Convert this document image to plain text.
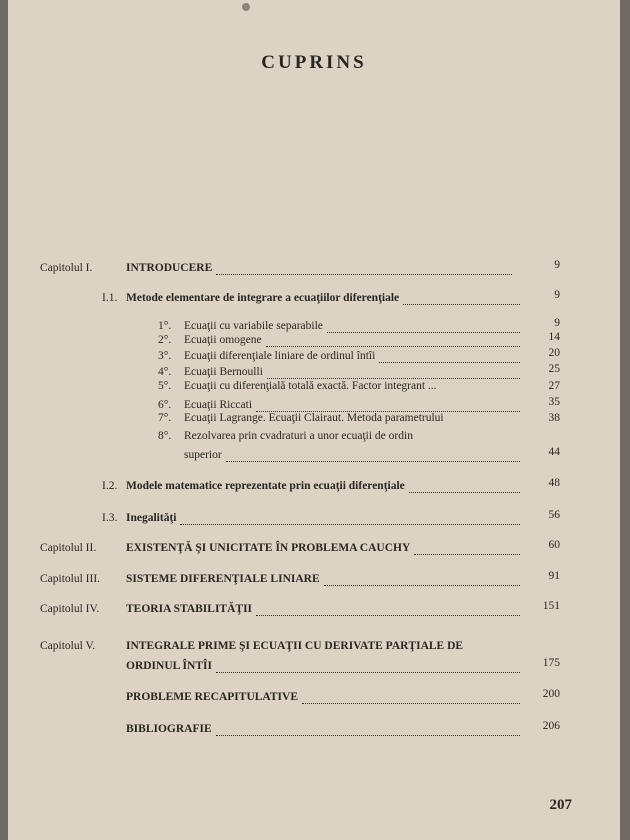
CUPRINS
Capitolul I.	INTRODUCERE	9
I.1. Metode elementare de integrare a ecuaţiilor diferenţiale	9
1°. Ecuaţii cu variabile separabile	9
2°. Ecuaţii omogene	14
3°. Ecuaţii diferenţiale liniare de ordinul întîi	20
4°. Ecuaţii Bernoulli	25
5°. Ecuaţii cu diferenţială totală exactă. Factor integrant ...	27
6°. Ecuaţii Riccati	35
7°. Ecuaţii Lagrange. Ecuaţii Clairaut. Metoda parametrului	38
8°. Rezolvarea prin cvadraturi a unor ecuaţii de ordin
superior	44
I.2. Modele matematice reprezentate prin ecuaţii diferenţiale	48
I.3. Inegalităţi	56
Capitolul II.	EXISTENŢĂ ŞI UNICITATE ÎN PROBLEMA CAUCHY	60
Capitolul III. SISTEME DIFERENŢIALE LINIARE	91
Capitolul IV. TEORIA STABILITĂŢII	151
Capitolul V.	INTEGRALE PRIME ŞI ECUAŢII CU DERIVATE PARŢIALE DE
ORDINUL ÎNTÎI	175
PROBLEME RECAPITULATIVE	200
BIBLIOGRAFIE	206
207
